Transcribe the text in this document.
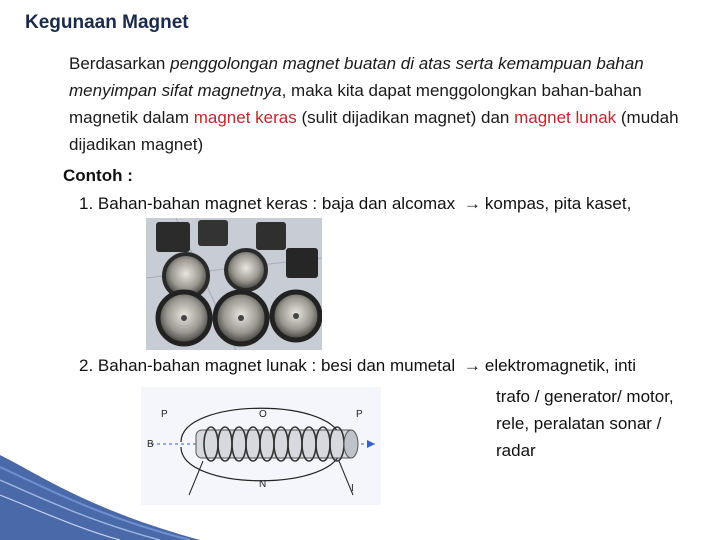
Kegunaan Magnet
Berdasarkan penggolongan magnet buatan di atas serta kemampuan bahan menyimpan sifat magnetnya, maka kita dapat menggolongkan bahan-bahan magnetik dalam magnet keras (sulit dijadikan magnet) dan magnet lunak (mudah dijadikan magnet)
Contoh :
1. Bahan-bahan magnet keras : baja dan alcomax → kompas, pita kaset,
2. Bahan-bahan magnet lunak : besi dan mumetal → elektromagnetik, inti
trafo / generator/ motor,
rele, peralatan sonar /
radar
P	O	P
B
N	I
